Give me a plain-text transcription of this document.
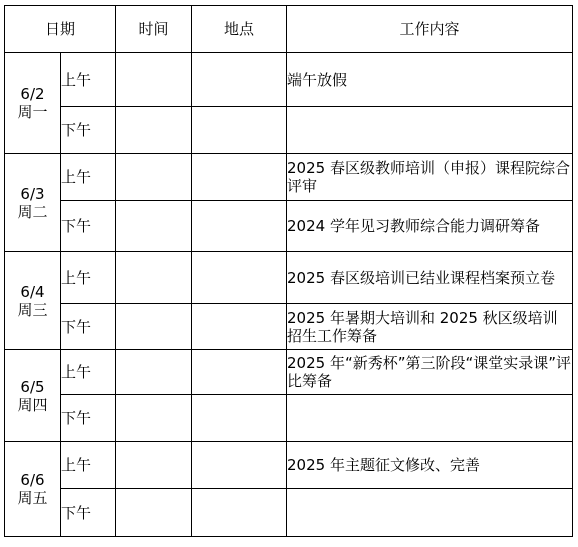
日期		时间	地点	工作内容

6/2
周一	上午			端午放假
	下午			

6/3
周二	上午			2025 春区级教师培训（申报）课程院综合评审
	下午			2024 学年见习教师综合能力调研筹备

6/4
周三	上午			2025 春区级培训已结业课程档案预立卷
	下午			2025 年暑期大培训和 2025 秋区级培训招生工作筹备

6/5
周四	上午			2025 年“新秀杯”第三阶段“课堂实录课”评比筹备
	下午			

6/6
周五	上午			2025 年主题征文修改、完善
	下午			
